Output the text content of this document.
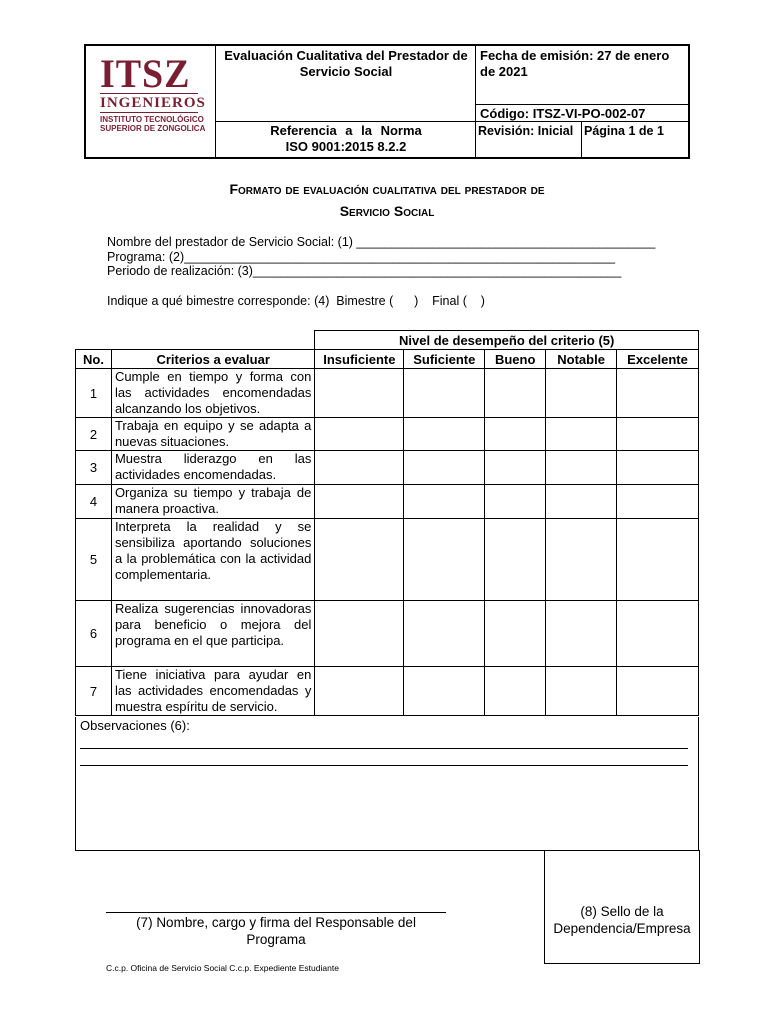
ITSZ
INGENIEROS
INSTITUTO TECNOLÓGICO
SUPERIOR DE ZONGOLICA
Evaluación Cualitativa del Prestador de Servicio Social
Fecha de emisión: 27 de enero de 2021
Código: ITSZ-VI-PO-002-07
Referencia a la Norma
ISO 9001:2015 8.2.2
Revisión: Inicial Página 1 de 1
Formato de evaluación cualitativa del prestador de
Servicio Social
Nombre del prestador de Servicio Social: (1) ___________________________________________
Programa: (2)______________________________________________________________
Periodo de realización: (3)_____________________________________________________
Indique a qué bimestre corresponde: (4)  Bimestre (      )    Final (    )
		Nivel de desempeño del criterio (5)				
No.	Criterios a evaluar	Insuficiente	Suficiente	Bueno	Notable	Excelente
1	Cumple en tiempo y forma con las actividades encomendadas alcanzando los objetivos.					
2	Trabaja en equipo y se adapta a nuevas situaciones.					
3	Muestra liderazgo en las actividades encomendadas.					
4	Organiza su tiempo y trabaja de manera proactiva.					
5	Interpreta la realidad y se sensibiliza aportando soluciones a la problemática con la actividad complementaria.					
6	Realiza sugerencias innovadoras para beneficio o mejora del programa en el que participa.					
7	Tiene iniciativa para ayudar en las actividades encomendadas y muestra espíritu de servicio.					
Observaciones (6):
(8) Sello de la
Dependencia/Empresa
(7) Nombre, cargo y firma del Responsable del
Programa
C.c.p. Oficina de Servicio Social C.c.p. Expediente Estudiante
